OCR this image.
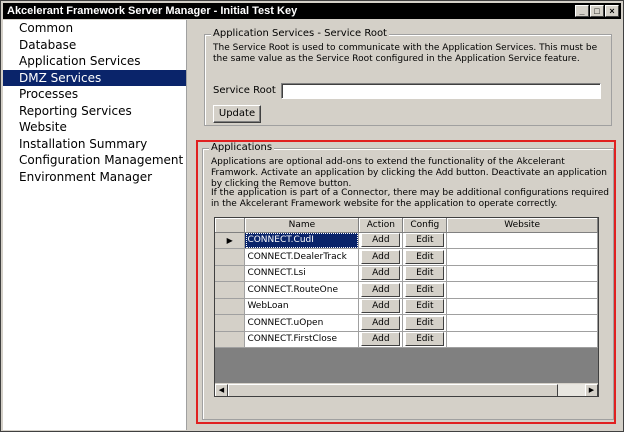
Akcelerant Framework Server Manager - Initial Test Key	_	□	×
Common
Database
Application Services
DMZ Services
Processes
Reporting Services
Website
Installation Summary
Configuration Management
Environment Manager
Application Services - Service Root
The Service Root is used to communicate with the Application Services. This must be the same value as the Service Root configured in the Application Service feature.
Service Root
Update
Applications
Applications are optional add-ons to extend the functionality of the Akcelerant Framwork. Activate an application by clicking the Add button. Deactivate an application by clicking the Remove button.
If the application is part of a Connector, there may be additional configurations required in the Akcelerant Framework website for the application to operate correctly.
	Name	Action	Config	Website
▶	CONNECT.CudI	Add	Edit	

	CONNECT.DealerTrack	Add	Edit	

	CONNECT.Lsi	Add	Edit	

	CONNECT.RouteOne	Add	Edit	

	WebLoan	Add	Edit	

	CONNECT.uOpen	Add	Edit	

	CONNECT.FirstClose	Add	Edit	

◀	▶
